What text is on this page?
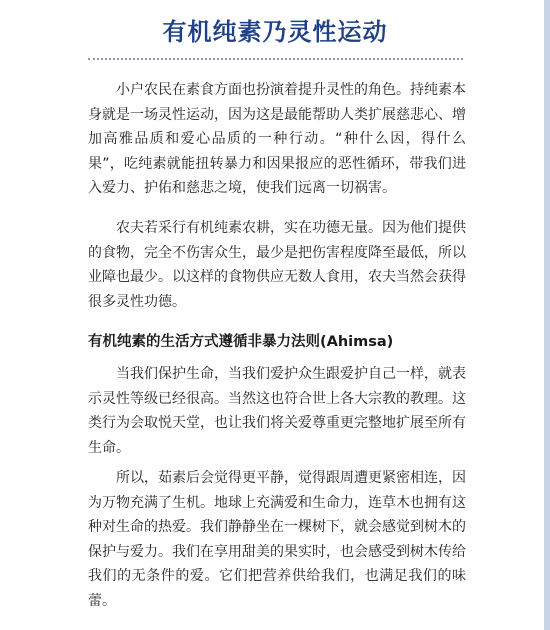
有机纯素乃灵性运动

小户农民在素食方面也扮演着提升灵性的角色。持纯素本身就是一场灵性运动，因为这是最能帮助人类扩展慈悲心、增加高雅品质和爱心品质的一种行动。“种什么因，得什么果”，吃纯素就能扭转暴力和因果报应的恶性循环，带我们进入爱力、护佑和慈悲之境，使我们远离一切祸害。

农夫若采行有机纯素农耕，实在功德无量。因为他们提供的食物，完全不伤害众生，最少是把伤害程度降至最低，所以业障也最少。以这样的食物供应无数人食用，农夫当然会获得很多灵性功德。

有机纯素的生活方式遵循非暴力法则(Ahimsa)

当我们保护生命，当我们爱护众生跟爱护自己一样，就表示灵性等级已经很高。当然这也符合世上各大宗教的教理。这类行为会取悦天堂，也让我们将关爱尊重更完整地扩展至所有生命。

所以，茹素后会觉得更平静，觉得跟周遭更紧密相连，因为万物充满了生机。地球上充满爱和生命力，连草木也拥有这种对生命的热爱。我们静静坐在一棵树下，就会感觉到树木的保护与爱力。我们在享用甜美的果实时，也会感受到树木传给我们的无条件的爱。它们把营养供给我们，也满足我们的味蕾。
